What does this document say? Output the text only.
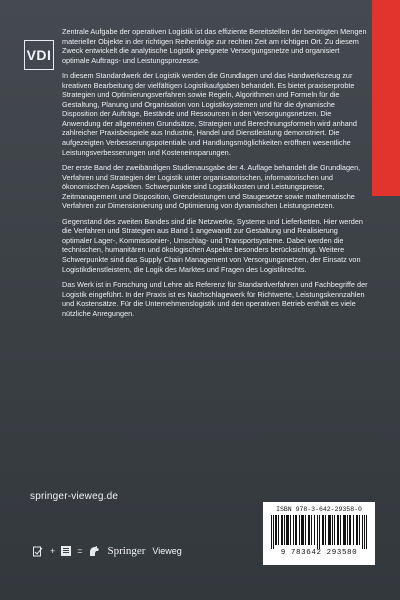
VDI

Zentrale Aufgabe der operativen Logistik ist das effiziente Bereitstellen der benötigten Mengen materieller Objekte in der richtigen Reihenfolge zur rechten Zeit am richtigen Ort. Zu diesem Zweck entwickelt die analytische Logistik geeignete Versorgungsnetze und organisiert optimale Auftrags- und Leistungsprozesse.

In diesem Standardwerk der Logistik werden die Grundlagen und das Handwerkszeug zur kreativen Bearbeitung der vielfältigen Logistikaufgaben behandelt. Es bietet praxiserprobte Strategien und Optimierungsverfahren sowie Regeln, Algorithmen und Formeln für die Gestaltung, Planung und Organisation von Logistiksystemen und für die dynamische Disposition der Aufträge, Bestände und Ressourcen in den Versorgungsnetzen. Die Anwendung der allgemeinen Grundsätze, Strategien und Berechnungsformeln wird anhand zahlreicher Praxisbeispiele aus Industrie, Handel und Dienstleistung demonstriert. Die aufgezeigten Verbesserungspotentiale und Handlungsmöglichkeiten eröffnen wesentliche Leistungsverbesserungen und Kosteneinsparungen.

Der erste Band der zweibändigen Studienausgabe der 4. Auflage behandelt die Grundlagen, Verfahren und Strategien der Logistik unter organisatorischen, informatorischen und ökonomischen Aspekten. Schwerpunkte sind Logistikkosten und Leistungspreise, Zeitmanagement und Disposition, Grenzleistungen und Staugesetze sowie mathematische Verfahren zur Dimensionierung und Optimierung von dynamischen Leistungsnetzen.

Gegenstand des zweiten Bandes sind die Netzwerke, Systeme und Lieferketten. Hier werden die Verfahren und Strategien aus Band 1 angewandt zur Gestaltung und Realisierung optimaler Lager-, Kommissionier-, Umschlag- und Transportsysteme. Dabei werden die technischen, humanitären und ökologischen Aspekte besonders berücksichtigt. Weitere Schwerpunkte sind das Supply Chain Management von Versorgungsnetzen, der Einsatz von Logistikdienstleistern, die Logik des Marktes und Fragen des Logistikrechts.

Das Werk ist in Forschung und Lehre als Referenz für Standardverfahren und Fachbegriffe der Logistik eingeführt. In der Praxis ist es Nachschlagewerk für Richtwerte, Leistungskennzahlen und Kostensätze. Für die Unternehmenslogistik und den operativen Betrieb enthält es viele nützliche Anregungen.

springer-vieweg.de
ISBN 978-3-642-29358-0
9 783642 293580
+ = Springer Vieweg
